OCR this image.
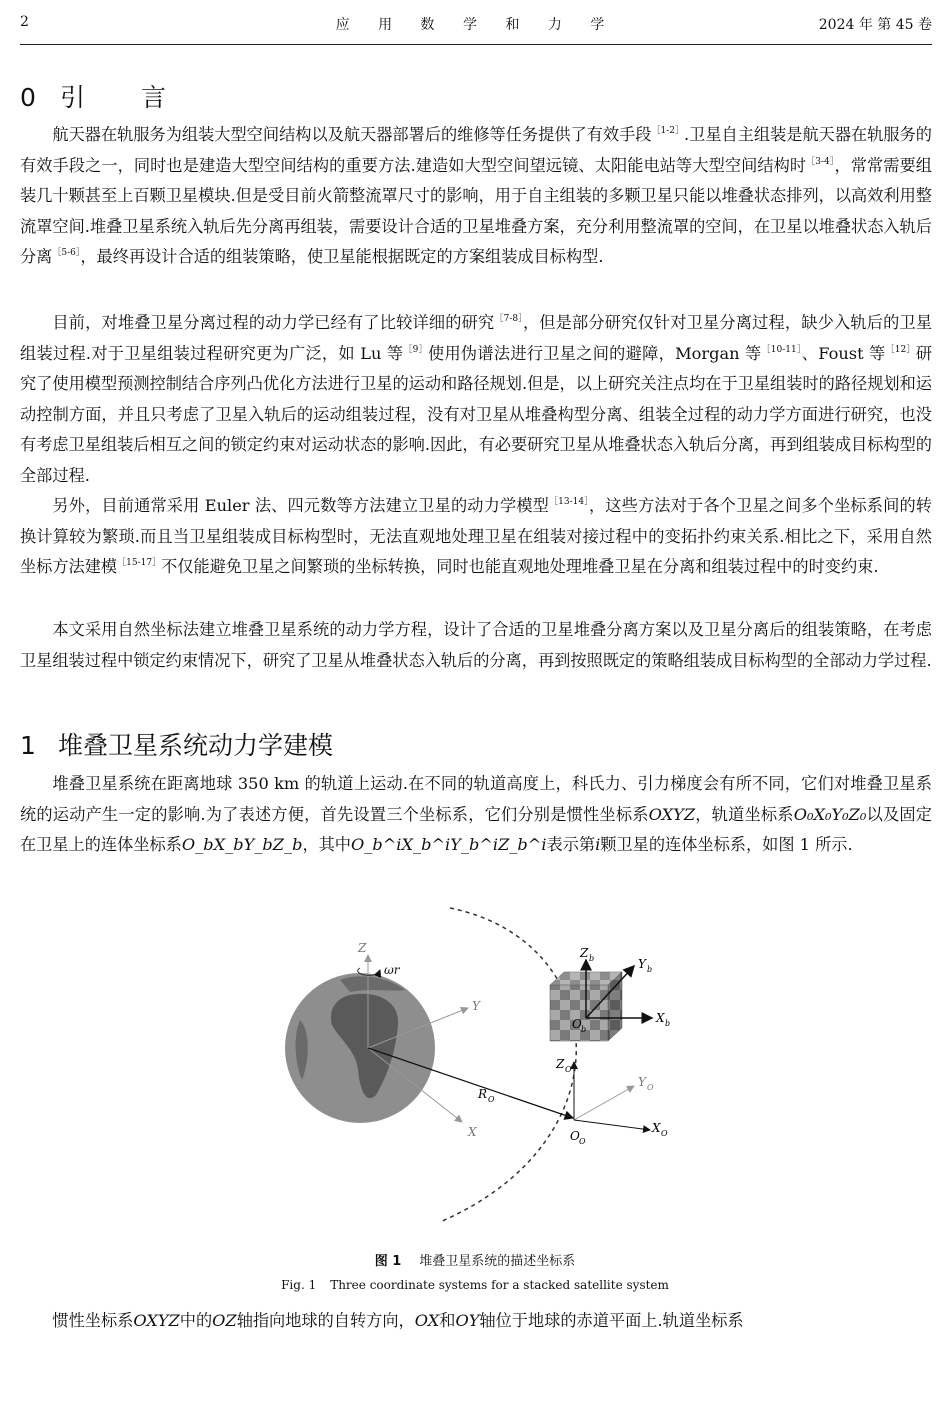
2	应 用 数 学 和 力 学	2024 年 第 45 卷
0 引言

航天器在轨服务为组装大型空间结构以及航天器部署后的维修等任务提供了有效手段$^{[1-2]}$.卫星自主组装是航天器在轨服务的有效手段之一，同时也是建造大型空间结构的重要方法.建造如大型空间望远镜、太阳能电站等大型空间结构时$^{[3-4]}$，常常需要组装几十颗甚至上百颗卫星模块.但是受目前火箭整流罩尺寸的影响，用于自主组装的多颗卫星只能以堆叠状态排列，以高效利用整流罩空间.堆叠卫星系统入轨后先分离再组装，需要设计合适的卫星堆叠方案，充分利用整流罩的空间，在卫星以堆叠状态入轨后分离$^{[5-6]}$，最终再设计合适的组装策略，使卫星能根据既定的方案组装成目标构型.

目前，对堆叠卫星分离过程的动力学已经有了比较详细的研究$^{[7-8]}$，但是部分研究仅针对卫星分离过程，缺少入轨后的卫星组装过程.对于卫星组装过程研究更为广泛，如 Lu 等$^{[9]}$使用伪谱法进行卫星之间的避障，Morgan 等$^{[10-11]}$、Foust 等$^{[12]}$研究了使用模型预测控制结合序列凸优化方法进行卫星的运动和路径规划.但是，以上研究关注点均在于卫星组装时的路径规划和运动控制方面，并且只考虑了卫星入轨后的运动组装过程，没有对卫星从堆叠构型分离、组装全过程的动力学方面进行研究，也没有考虑卫星组装后相互之间的锁定约束对运动状态的影响.因此，有必要研究卫星从堆叠状态入轨后分离，再到组装成目标构型的全部过程.

另外，目前通常采用 Euler 法、四元数等方法建立卫星的动力学模型$^{[13-14]}$，这些方法对于各个卫星之间多个坐标系间的转换计算较为繁琐.而且当卫星组装成目标构型时，无法直观地处理卫星在组装对接过程中的变拓扑约束关系.相比之下，采用自然坐标方法建模$^{[15-17]}$不仅能避免卫星之间繁琐的坐标转换，同时也能直观地处理堆叠卫星在分离和组装过程中的时变约束.

本文采用自然坐标法建立堆叠卫星系统的动力学方程，设计了合适的卫星堆叠分离方案以及卫星分离后的组装策略，在考虑卫星组装过程中锁定约束情况下，研究了卫星从堆叠状态入轨后的分离，再到按照既定的策略组装成目标构型的全部动力学过程.

1 堆叠卫星系统动力学建模

堆叠卫星系统在距离地球 350 km 的轨道上运动.在不同的轨道高度上，科氏力、引力梯度会有所不同，它们对堆叠卫星系统的运动产生一定的影响.为了表述方便，首先设置三个坐标系，它们分别是惯性坐标系OXYZ，轨道坐标系O₀X₀Y₀Z₀以及固定在卫星上的连体坐标系O_bX_bY_bZ_b，其中O_b^iX_b^iY_b^iZ_b^i表示第i颗卫星的连体坐标系，如图 1 所示.

Z
ωr
Y
X
R O
Z O
Y O
X O
O O
Z b	Y b
X b
O b
图 1 堆叠卫星系统的描述坐标系
Fig. 1 Three coordinate systems for a stacked satellite system

惯性坐标系OXYZ中的OZ轴指向地球的自转方向，OX和OY轴位于地球的赤道平面上.轨道坐标系
